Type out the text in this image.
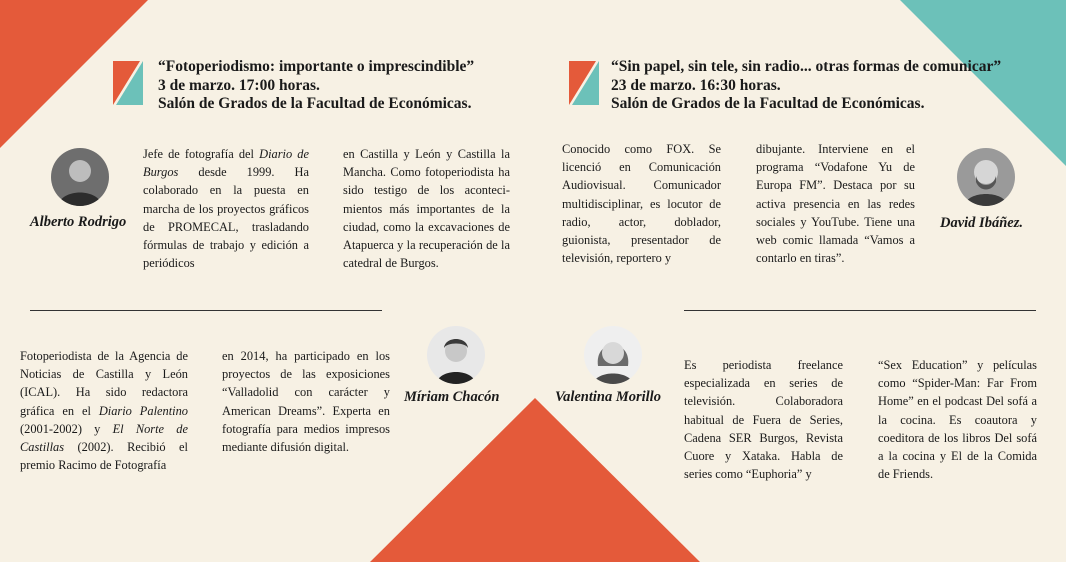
“Fotoperiodismo: importante o imprescindible”
3 de marzo. 17:00 horas.
Salón de Grados de la Facultad de Económicas.
“Sin papel, sin tele, sin radio... otras formas de comunicar”
23 de marzo. 16:30 horas.
Salón de Grados de la Facultad de Económicas.
Alberto Rodrigo
Jefe de fotografía del Diario de Burgos desde 1999. Ha colaborado en la puesta en marcha de los proyectos gráficos de PROMECAL, trasladando fórmulas de trabajo y edición a periódicos
en Castilla y León y Castilla la Mancha. Como fotoperiodista ha sido testigo de los acontecimientos más importantes de la ciudad, como la excavaciones de Atapuerca y la recuperación de la catedral de Burgos.
Conocido como FOX. Se licenció en Comunicación Audiovisual. Comunicador multidisciplinar, es locutor de radio, actor, doblador, guionista, presentador de televisión, reportero y
dibujante. Interviene en el programa “Vodafone Yu de Europa FM”. Destaca por su activa presencia en las redes sociales y YouTube. Tiene una web comic llamada “Vamos a contarlo en tiras”.
David Ibáñez.
Fotoperiodista de la Agencia de Noticias de Castilla y León (ICAL). Ha sido redactora gráfica en el Diario Palentino (2001-2002) y El Norte de Castillas (2002). Recibió el premio Racimo de Fotografía
en 2014, ha participado en los proyectos de las exposiciones “Valladolid con carácter y American Dreams”. Experta en fotografía para medios impresos mediante difusión digital.
Míriam Chacón	Valentina Morillo
Es periodista freelance especializada en series de televisión. Colaboradora habitual de Fuera de Series, Cadena SER Burgos, Revista Cuore y Xataka. Habla de series como “Euphoria” y
“Sex Education” y películas como “Spider-Man: Far From Home” en el podcast Del sofá a la cocina. Es coautora y coeditora de los libros Del sofá a la cocina y El de la Comida de Friends.
